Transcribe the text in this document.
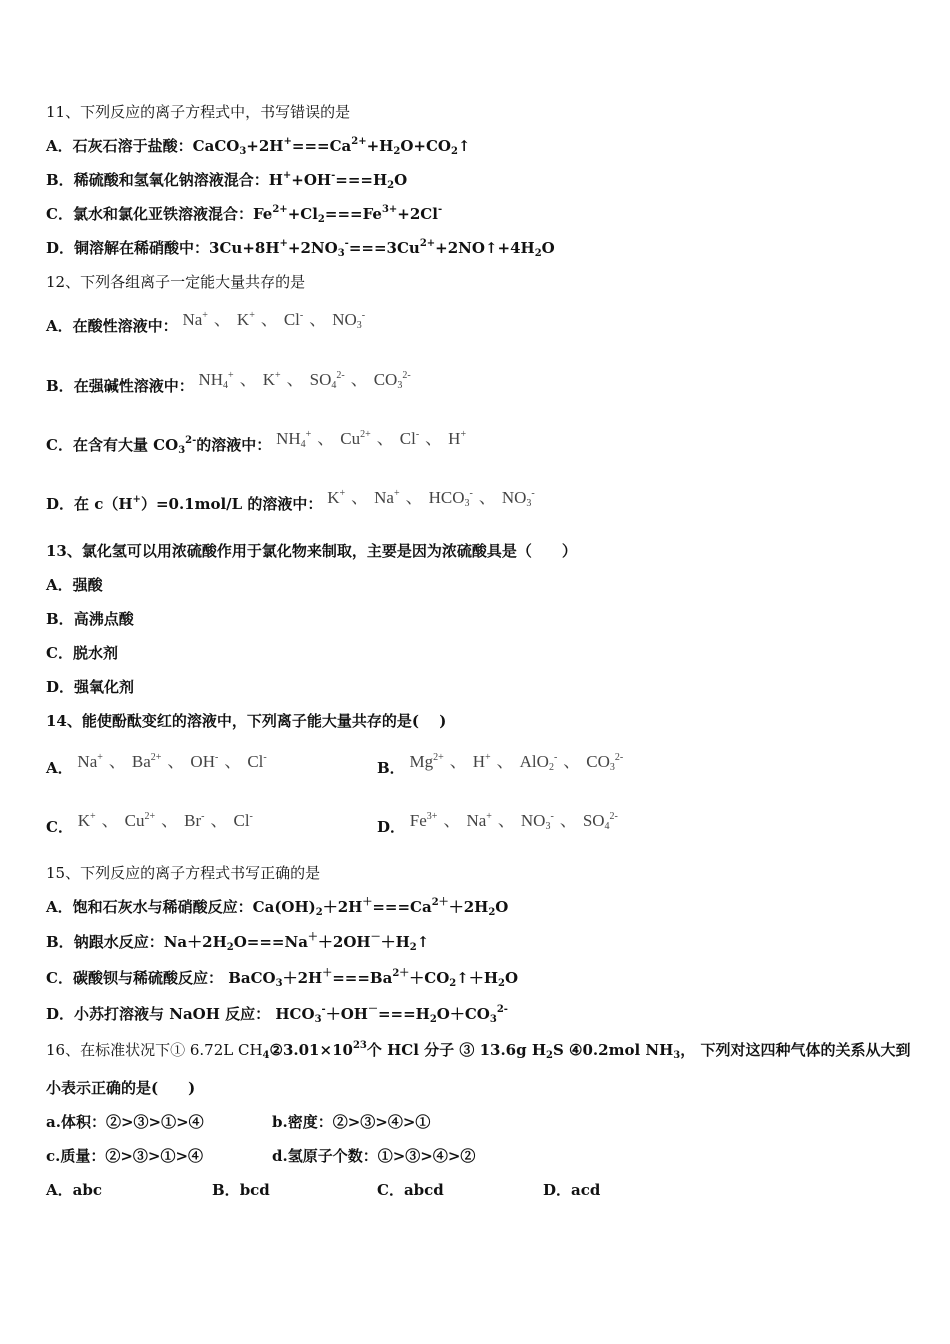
11、下列反应的离子方程式中，书写错误的是
A．石灰石溶于盐酸：$CaCO_3+2H^+===Ca^{2+}+H_2O+CO_2↑$
B．稀硫酸和氢氧化钠溶液混合：$H^++OH^-===H_2O$
C．氯水和氯化亚铁溶液混合：$Fe^{2+}+Cl_2===Fe^{3+}+2Cl^-$
D．铜溶解在稀硝酸中：$3Cu+8H^++2NO_3^-===3Cu^{2+}+2NO↑+4H_2O$
12、下列各组离子一定能大量共存的是
A．在酸性溶液中： Na+ 、 K+ 、 Cl- 、 $NO_3^-$
B．在强碱性溶液中： $NH_4^+$ 、 K+ 、 $SO_4^{2-}$ 、 $CO_3^{2-}$
C．在含有大量 $CO_3^{2-}$的溶液中： $NH_4^+$ 、 $Cu^{2+}$ 、 Cl- 、 H+
D．在 c（H+）=0.1mol/L 的溶液中： K+ 、 Na+ 、 $HCO_3^-$ 、 $NO_3^-$
13、氯化氢可以用浓硫酸作用于氯化物来制取，主要是因为浓硫酸具是（　　）
A．强酸
B．高沸点酸
C．脱水剂
D．强氧化剂
14、能使酚酞变红的溶液中，下列离子能大量共存的是(　 )
A． Na+ 、 $Ba^{2+}$ 、 OH- 、 Cl-
B． $Mg^{2+}$ 、 H+ 、 AlO$_2$- 、 $CO_3^{2-}$
C． K+ 、 $Cu^{2+}$ 、 Br- 、 Cl-
D． $Fe^{3+}$ 、 Na+ 、 $NO_3^-$ 、 $SO_4^{2-}$
15、下列反应的离子方程式书写正确的是
A．饱和石灰水与稀硝酸反应：$Ca(OH)_2+2H^+===Ca^{2+}+2H_2O$
B．钠跟水反应：$Na+2H_2O===Na^++2OH^-+H_2↑$
C．碳酸钡与稀硫酸反应： $BaCO_3+2H^+===Ba^{2+}+CO_2↑+H_2O$
D．小苏打溶液与 NaOH 反应： $HCO_3^-+OH^-===H_2O+CO_3^{2-}$
16、在标准状况下① 6.72L $CH_4②3.01\times 10^{23}$个 HCl 分子 ③ 13.6g $H_2S$ ④0.2mol $NH_3$， 下列对这四种气体的关系从大到
小表示正确的是(　　)
a.体积：②>③>①>④	b.密度：②>③>④>①
c.质量：②>③>①>④	d.氢原子个数：①>③>④>②
A．abc	B．bcd	C．abcd	D．acd
